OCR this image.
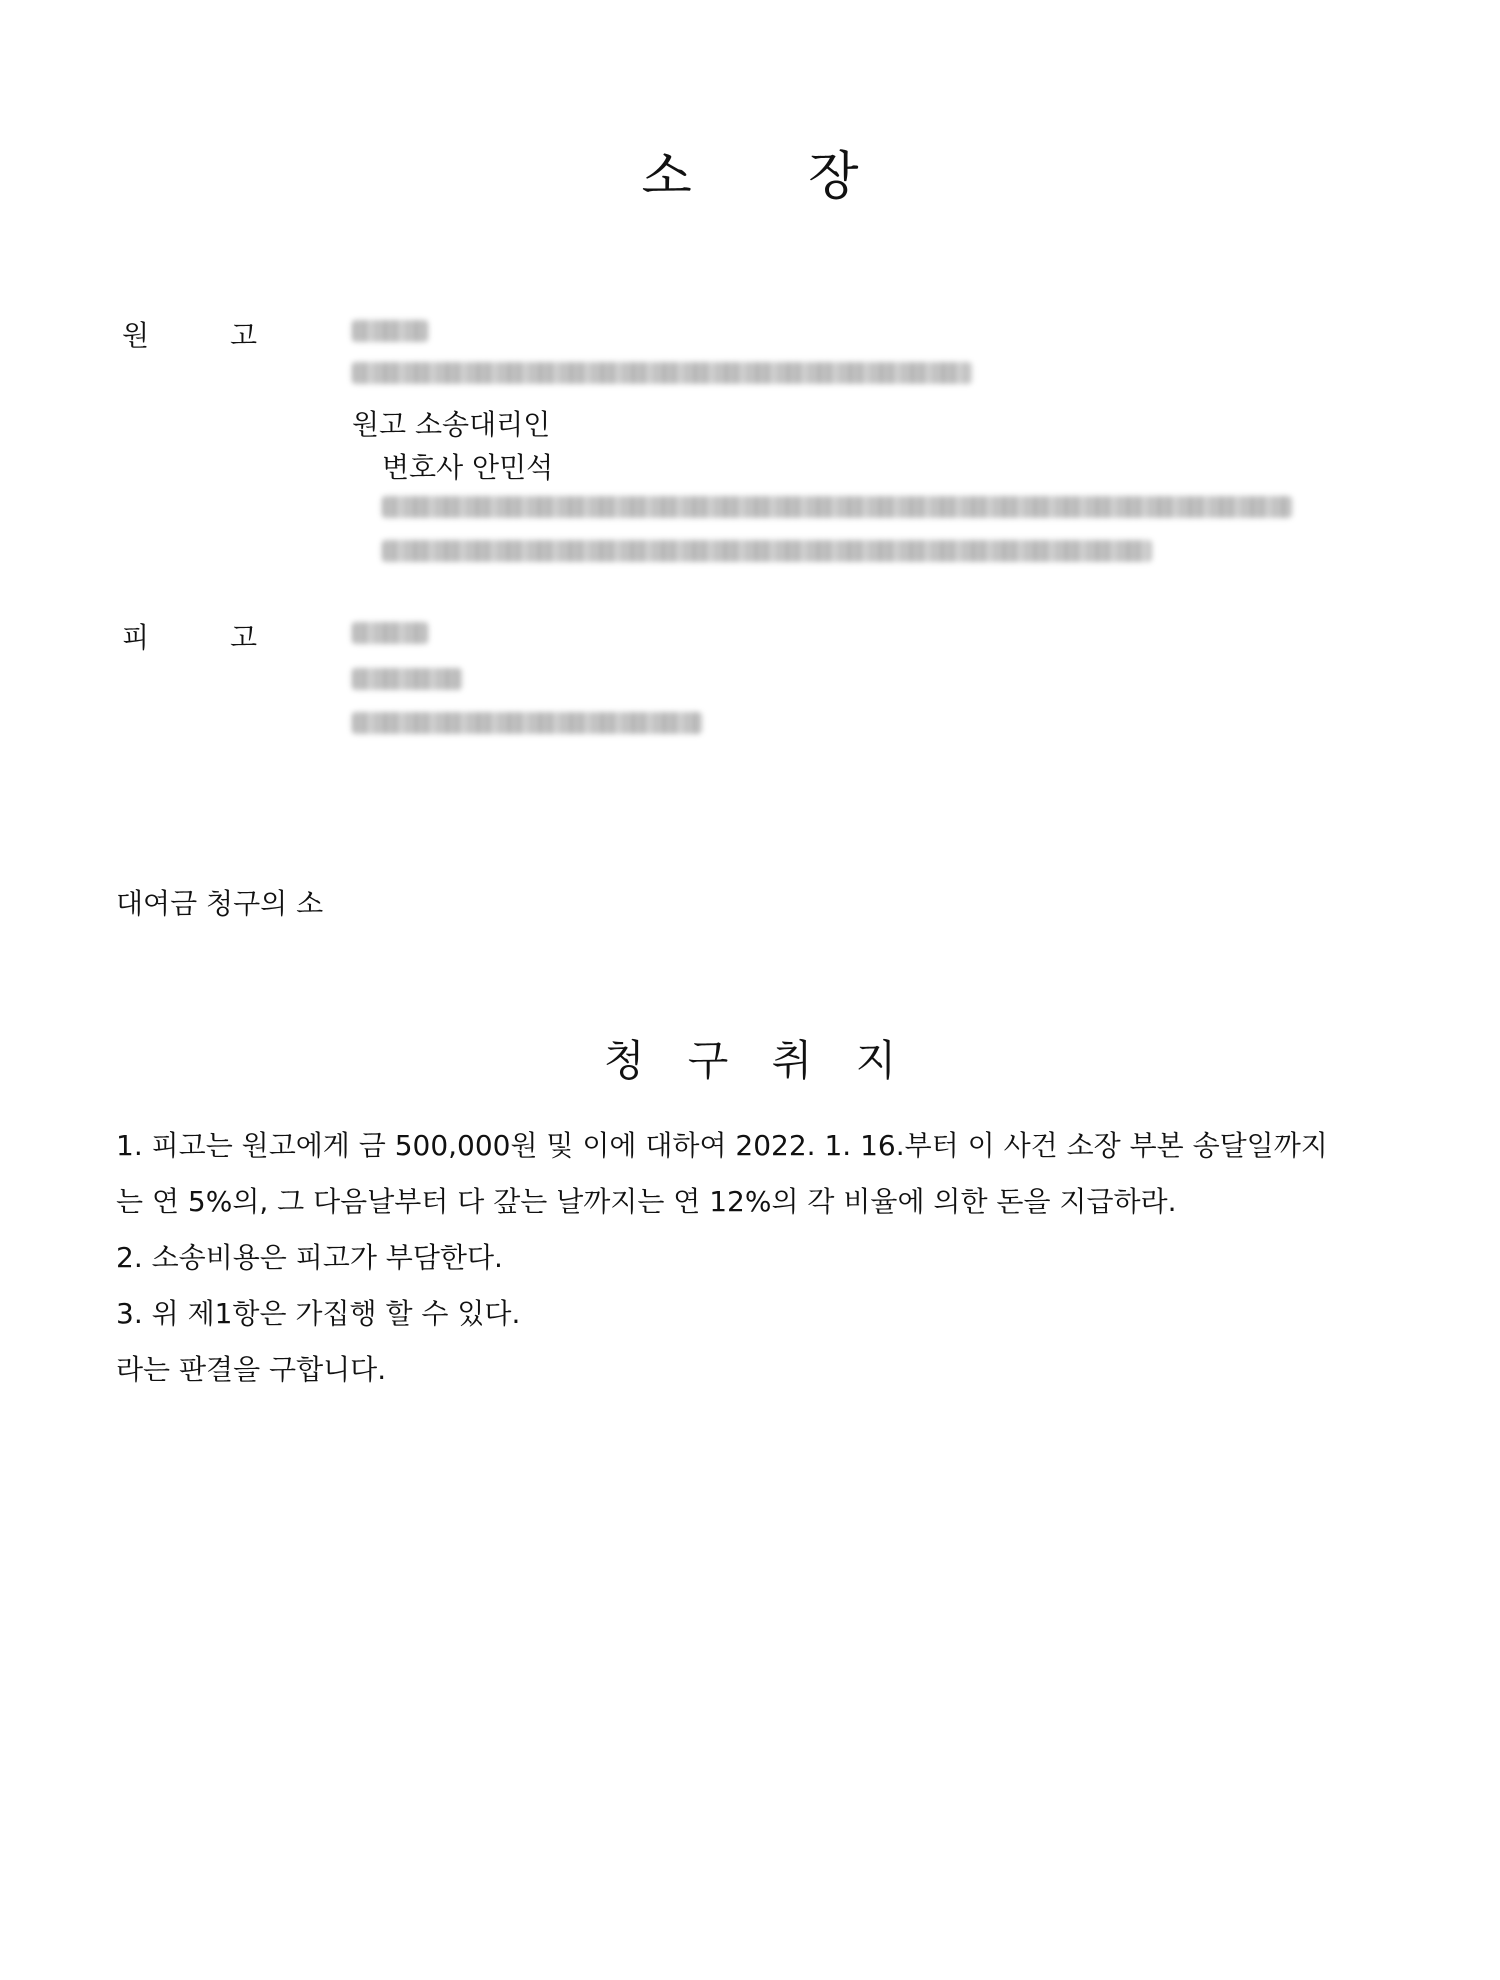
소 장
원 고
원고 소송대리인
변호사 안민석
피 고
대여금 청구의 소
청 구 취 지
1. 피고는 원고에게 금 500,000원 및 이에 대하여 2022. 1. 16.부터 이 사건 소장 부본 송달일까지
는 연 5%의, 그 다음날부터 다 갚는 날까지는 연 12%의 각 비율에 의한 돈을 지급하라.
2. 소송비용은 피고가 부담한다.
3. 위 제1항은 가집행 할 수 있다.
라는 판결을 구합니다.
